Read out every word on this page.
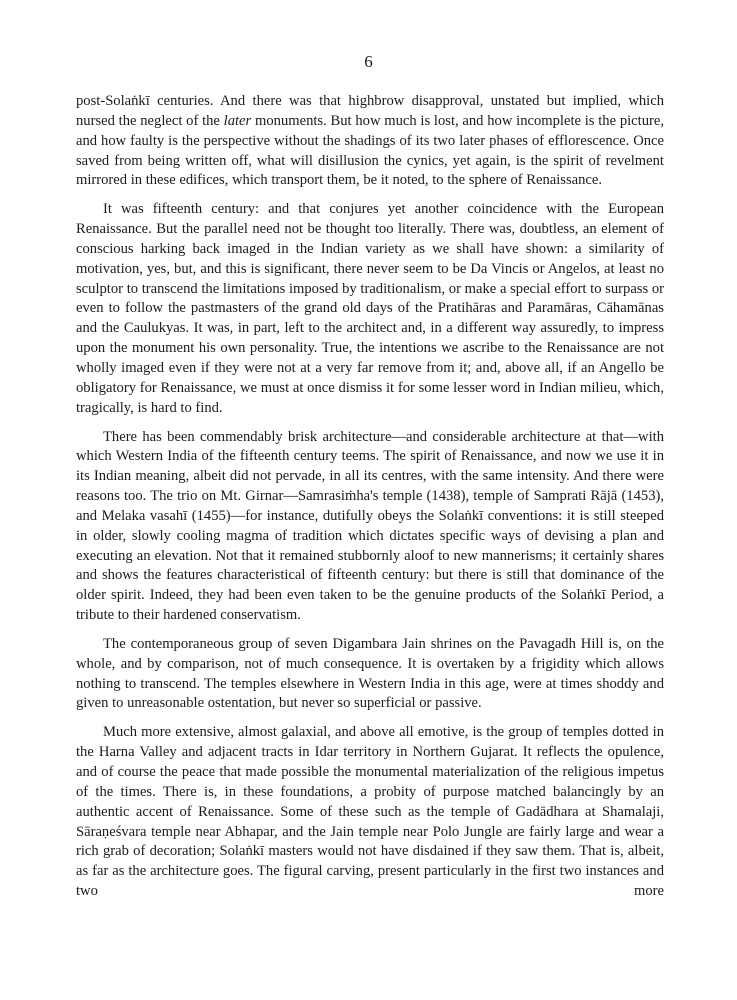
6

post-Solaṅkī centuries. And there was that highbrow disapproval, unstated but implied, which nursed the neglect of the later monuments. But how much is lost, and how incomplete is the picture, and how faulty is the perspective without the shadings of its two later phases of efflorescence. Once saved from being written off, what will disillusion the cynics, yet again, is the spirit of revelment mirrored in these edifices, which transport them, be it noted, to the sphere of Renaissance.

It was fifteenth century: and that conjures yet another coincidence with the European Renaissance. But the parallel need not be thought too literally. There was, doubtless, an element of conscious harking back imaged in the Indian variety as we shall have shown: a similarity of motivation, yes, but, and this is significant, there never seem to be Da Vincis or Angelos, at least no sculptor to transcend the limitations imposed by traditionalism, or make a special effort to surpass or even to follow the pastmasters of the grand old days of the Pratihāras and Paramāras, Cāhamānas and the Caulukyas. It was, in part, left to the architect and, in a different way assuredly, to impress upon the monument his own personality. True, the intentions we ascribe to the Renaissance are not wholly imaged even if they were not at a very far remove from it; and, above all, if an Angello be obligatory for Renaissance, we must at once dismiss it for some lesser word in Indian milieu, which, tragically, is hard to find.

There has been commendably brisk architecture—and considerable architecture at that—with which Western India of the fifteenth century teems. The spirit of Renaissance, and now we use it in its Indian meaning, albeit did not pervade, in all its centres, with the same intensity. And there were reasons too. The trio on Mt. Girnar—Samrasiṁha's temple (1438), temple of Samprati Rājā (1453), and Melaka vasahī (1455)—for instance, dutifully obeys the Solaṅkī conventions: it is still steeped in older, slowly cooling magma of tradition which dictates specific ways of devising a plan and executing an elevation. Not that it remained stubbornly aloof to new mannerisms; it certainly shares and shows the features characteristical of fifteenth century: but there is still that dominance of the older spirit. Indeed, they had been even taken to be the genuine products of the Solaṅkī Period, a tribute to their hardened conservatism.

The contemporaneous group of seven Digambara Jain shrines on the Pavagadh Hill is, on the whole, and by comparison, not of much consequence. It is overtaken by a frigidity which allows nothing to transcend. The temples elsewhere in Western India in this age, were at times shoddy and given to unreasonable ostentation, but never so superficial or passive.

Much more extensive, almost galaxial, and above all emotive, is the group of temples dotted in the Harna Valley and adjacent tracts in Idar territory in Northern Gujarat. It reflects the opulence, and of course the peace that made possible the monumental materialization of the religious impetus of the times. There is, in these foundations, a probity of purpose matched balancingly by an authentic accent of Renaissance. Some of these such as the temple of Gadādhara at Shamalaji, Sāraṇeśvara temple near Abhapar, and the Jain temple near Polo Jungle are fairly large and wear a rich grab of decoration; Solaṅkī masters would not have disdained if they saw them. That is, albeit, as far as the architecture goes. The figural carving, present particularly in the first two instances and two more
